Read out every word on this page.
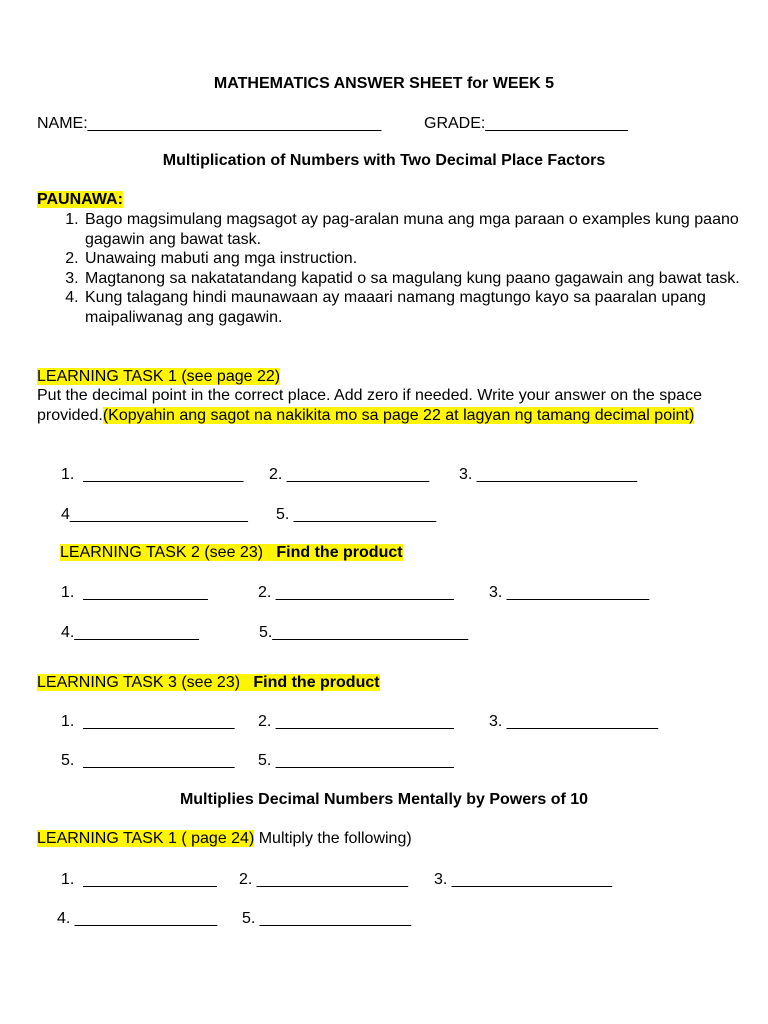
MATHEMATICS ANSWER SHEET for WEEK 5
NAME:_________________________________	GRADE:________________
Multiplication of Numbers with Two Decimal Place Factors
PAUNAWA:
1. Bago magsimulang magsagot ay pag-aralan muna ang mga paraan o examples kung paano gagawin ang bawat task.
2. Unawaing mabuti ang mga instruction.
3. Magtanong sa nakatatandang kapatid o sa magulang kung paano gagawain ang bawat task.
4. Kung talagang hindi maunawaan ay maaari namang magtungo kayo sa paaralan upang maipaliwanag ang gagawin.
LEARNING TASK 1 (see page 22)
Put the decimal point in the correct place. Add zero if needed. Write your answer on the space provided.(Kopyahin ang sagot na nakikita mo sa page 22 at lagyan ng tamang decimal point)
1.  __________________ 2. ________________ 3. __________________
4____________________ 5. ________________
LEARNING TASK 2 (see 23)   Find the product
1.  ______________	2. ____________________ 3. ________________
4.______________	5.______________________
LEARNING TASK 3 (see 23)   Find the product
1.  _________________ 2. ____________________ 3. _________________
5.  _________________ 5. ____________________
Multiplies Decimal Numbers Mentally by Powers of 10
LEARNING TASK 1 ( page 24) Multiply the following)
1.  _______________ 2. _________________ 3. __________________
4. ________________ 5. _________________
